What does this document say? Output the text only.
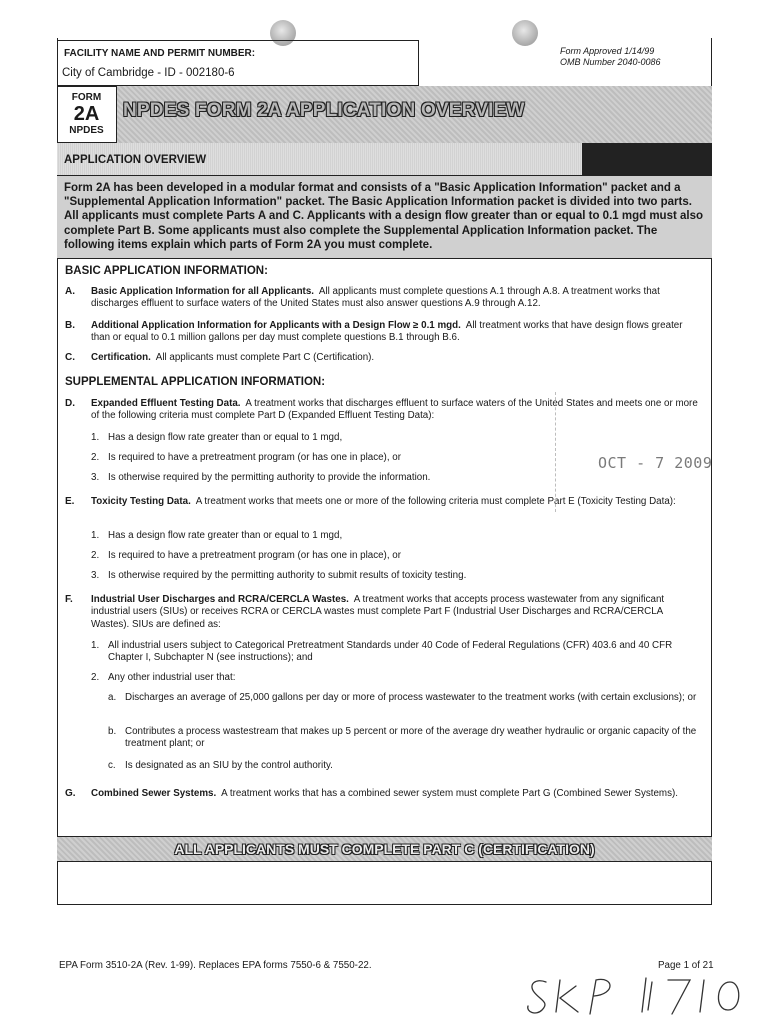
FACILITY NAME AND PERMIT NUMBER:
City of Cambridge - ID - 002180-6
Form Approved 1/14/99
OMB Number 2040-0086
FORM
2A
NPDES
NPDES FORM 2A APPLICATION OVERVIEW
APPLICATION OVERVIEW
Form 2A has been developed in a modular format and consists of a "Basic Application Information" packet and a "Supplemental Application Information" packet. The Basic Application Information packet is divided into two parts. All applicants must complete Parts A and C. Applicants with a design flow greater than or equal to 0.1 mgd must also complete Part B. Some applicants must also complete the Supplemental Application Information packet. The following items explain which parts of Form 2A you must complete.
BASIC APPLICATION INFORMATION:
A. Basic Application Information for all Applicants. All applicants must complete questions A.1 through A.8. A treatment works that discharges effluent to surface waters of the United States must also answer questions A.9 through A.12.
B. Additional Application Information for Applicants with a Design Flow ≥ 0.1 mgd. All treatment works that have design flows greater than or equal to 0.1 million gallons per day must complete questions B.1 through B.6.
C. Certification. All applicants must complete Part C (Certification).
SUPPLEMENTAL APPLICATION INFORMATION:
D. Expanded Effluent Testing Data. A treatment works that discharges effluent to surface waters of the United States and meets one or more of the following criteria must complete Part D (Expanded Effluent Testing Data):
1. Has a design flow rate greater than or equal to 1 mgd,
2. Is required to have a pretreatment program (or has one in place), or
3. Is otherwise required by the permitting authority to provide the information.
E. Toxicity Testing Data. A treatment works that meets one or more of the following criteria must complete Part E (Toxicity Testing Data):
1. Has a design flow rate greater than or equal to 1 mgd,
2. Is required to have a pretreatment program (or has one in place), or
3. Is otherwise required by the permitting authority to submit results of toxicity testing.
F. Industrial User Discharges and RCRA/CERCLA Wastes. A treatment works that accepts process wastewater from any significant industrial users (SIUs) or receives RCRA or CERCLA wastes must complete Part F (Industrial User Discharges and RCRA/CERCLA Wastes). SIUs are defined as:
1. All industrial users subject to Categorical Pretreatment Standards under 40 Code of Federal Regulations (CFR) 403.6 and 40 CFR Chapter I, Subchapter N (see instructions); and
2. Any other industrial user that:
a. Discharges an average of 25,000 gallons per day or more of process wastewater to the treatment works (with certain exclusions); or
b. Contributes a process wastestream that makes up 5 percent or more of the average dry weather hydraulic or organic capacity of the treatment plant; or
c. Is designated as an SIU by the control authority.
G. Combined Sewer Systems. A treatment works that has a combined sewer system must complete Part G (Combined Sewer Systems).
OCT - 7 2009
ALL APPLICANTS MUST COMPLETE PART C (CERTIFICATION)
EPA Form 3510-2A (Rev. 1-99). Replaces EPA forms 7550-6 & 7550-22.	Page 1 of 21
